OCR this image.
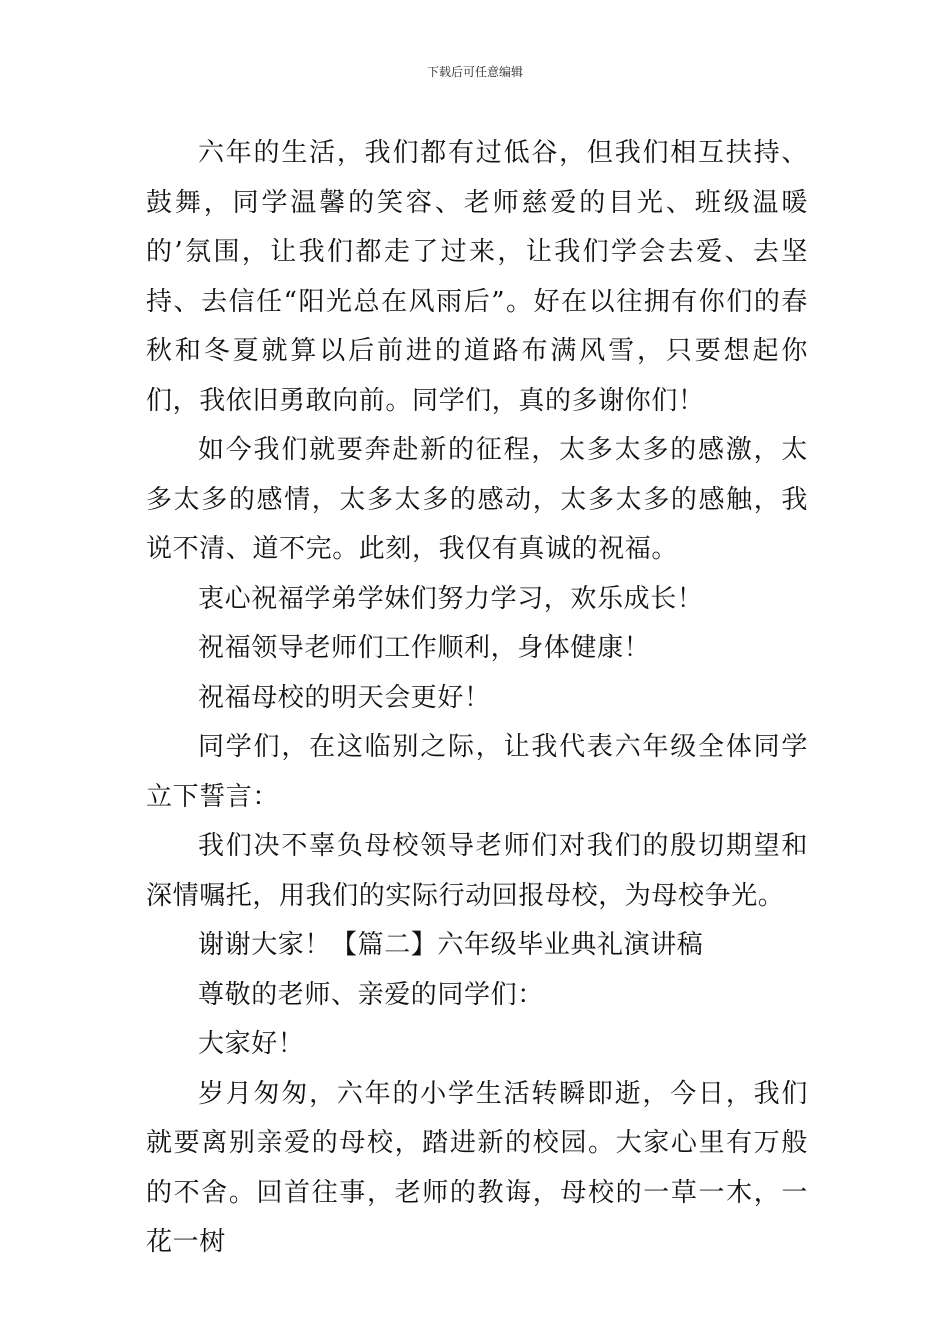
下载后可任意编辑

六年的生活，我们都有过低谷，但我们相互扶持、鼓舞，同学温馨的笑容、老师慈爱的目光、班级温暖的’氛围，让我们都走了过来，让我们学会去爱、去坚持、去信任“阳光总在风雨后”。好在以往拥有你们的春秋和冬夏就算以后前进的道路布满风雪，只要想起你们，我依旧勇敢向前。同学们，真的多谢你们！

如今我们就要奔赴新的征程，太多太多的感激，太多太多的感情，太多太多的感动，太多太多的感触，我说不清、道不完。此刻，我仅有真诚的祝福。

衷心祝福学弟学妹们努力学习，欢乐成长！

祝福领导老师们工作顺利，身体健康！

祝福母校的明天会更好！

同学们，在这临别之际，让我代表六年级全体同学立下誓言：

我们决不辜负母校领导老师们对我们的殷切期望和深情嘱托，用我们的实际行动回报母校，为母校争光。

谢谢大家！【篇二】六年级毕业典礼演讲稿

尊敬的老师、亲爱的同学们：

大家好！

岁月匆匆，六年的小学生活转瞬即逝，今日，我们就要离别亲爱的母校，踏进新的校园。大家心里有万般的不舍。回首往事，老师的教诲，母校的一草一木，一花一树
